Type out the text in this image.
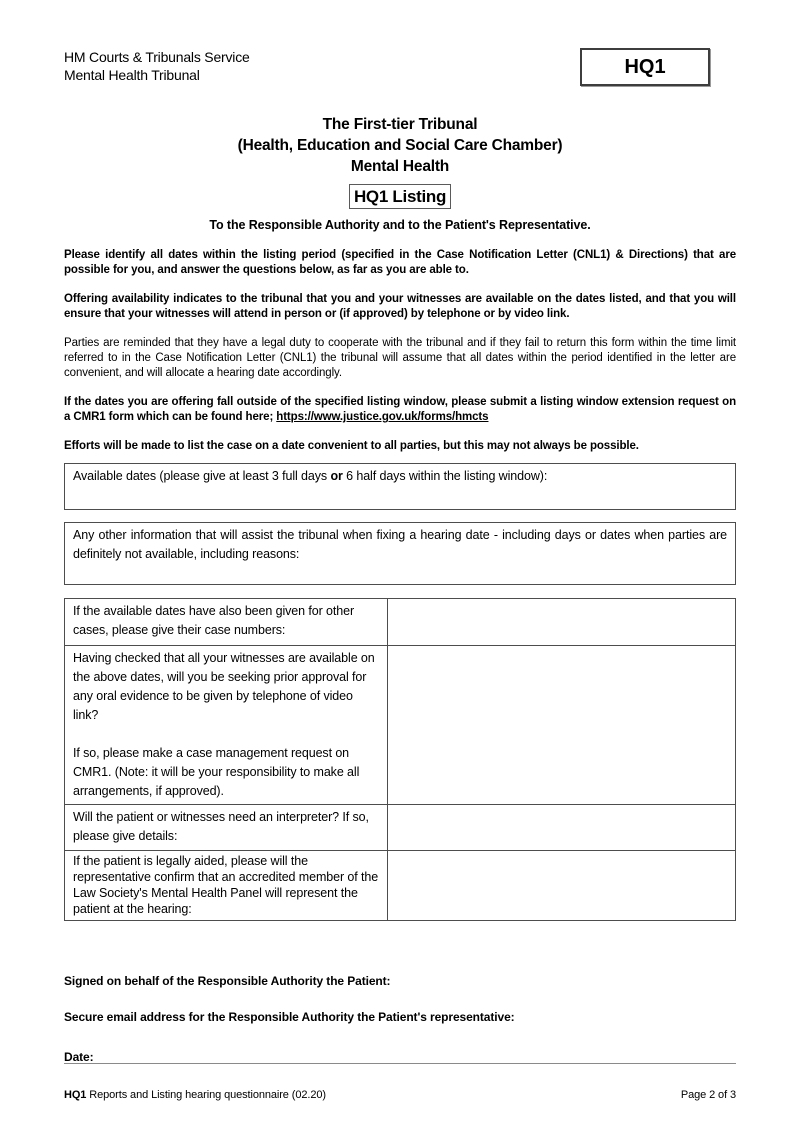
HM Courts & Tribunals Service
Mental Health Tribunal	HQ1
The First-tier Tribunal
(Health, Education and Social Care Chamber)
Mental Health
HQ1 Listing
To the Responsible Authority and to the Patient's Representative.

Please identify all dates within the listing period (specified in the Case Notification Letter (CNL1) & Directions) that are possible for you, and answer the questions below, as far as you are able to.

Offering availability indicates to the tribunal that you and your witnesses are available on the dates listed, and that you will ensure that your witnesses will attend in person or (if approved) by telephone or by video link.

Parties are reminded that they have a legal duty to cooperate with the tribunal and if they fail to return this form within the time limit referred to in the Case Notification Letter (CNL1) the tribunal will assume that all dates within the period identified in the letter are convenient, and will allocate a hearing date accordingly.

If the dates you are offering fall outside of the specified listing window, please submit a listing window extension request on a CMR1 form which can be found here; https://www.justice.gov.uk/forms/hmcts

Efforts will be made to list the case on a date convenient to all parties, but this may not always be possible.

Available dates (please give at least 3 full days or 6 half days within the listing window):
Any other information that will assist the tribunal when fixing a hearing date - including days or dates when parties are definitely not available, including reasons:

If the available dates have also been given for other cases, please give their case numbers:	

Having checked that all your witnesses are available on the above dates, will you be seeking prior approval for any oral evidence to be given by telephone of video link?

If so, please make a case management request on CMR1. (Note: it will be your responsibility to make all arrangements, if approved).	

Will the patient or witnesses need an interpreter? If so, please give details:	

If the patient is legally aided, please will the representative confirm that an accredited member of the Law Society's Mental Health Panel will represent the patient at the hearing:	

Signed on behalf of the Responsible Authority the Patient:

Secure email address for the Responsible Authority the Patient's representative:

Date:

HQ1 Reports and Listing hearing questionnaire (02.20)	Page 2 of 3
